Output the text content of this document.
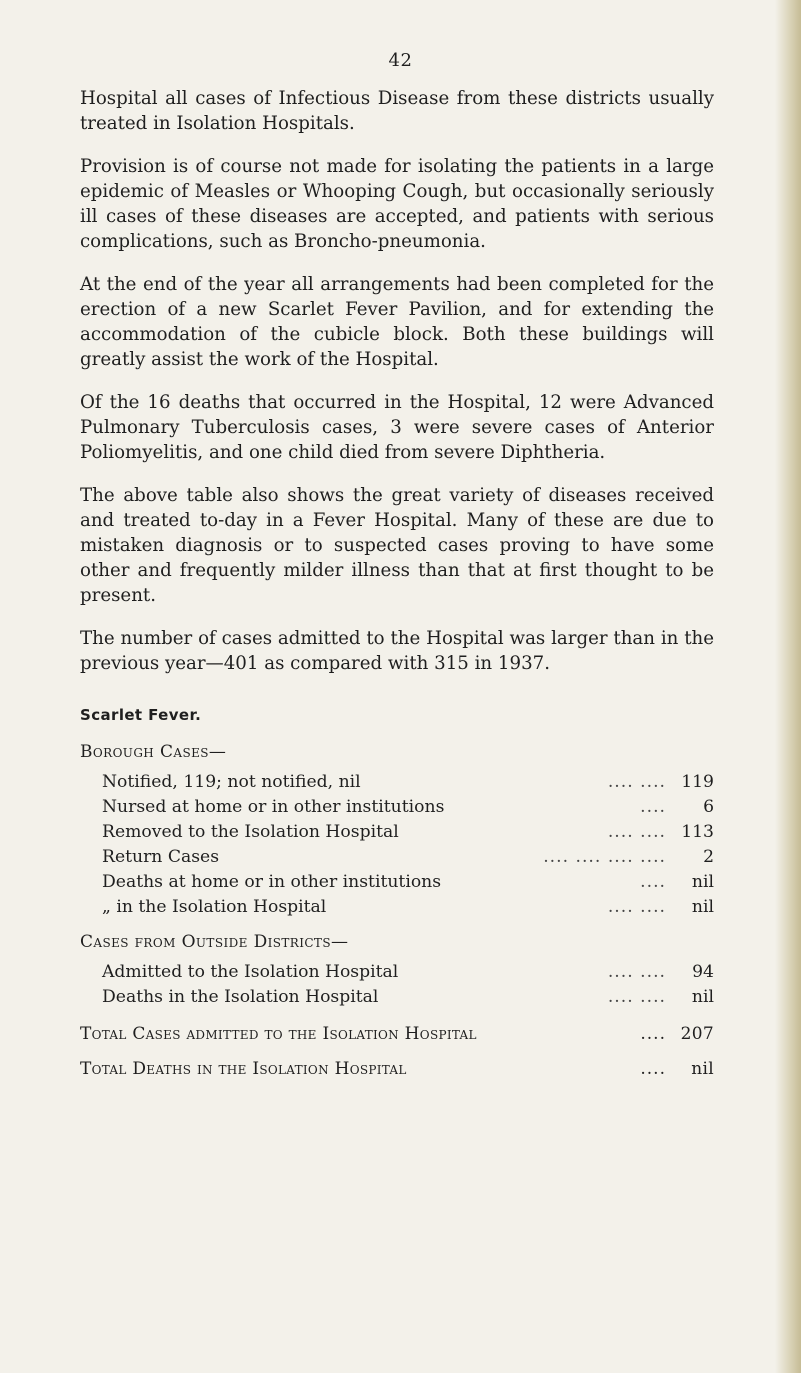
42

Hospital all cases of Infectious Disease from these districts usually treated in Isolation Hospitals.

Provision is of course not made for isolating the patients in a large epidemic of Measles or Whooping Cough, but occasionally seriously ill cases of these diseases are accepted, and patients with serious complications, such as Broncho-pneumonia.

At the end of the year all arrangements had been completed for the erection of a new Scarlet Fever Pavilion, and for extending the accommodation of the cubicle block. Both these buildings will greatly assist the work of the Hospital.

Of the 16 deaths that occurred in the Hospital, 12 were Advanced Pulmonary Tuberculosis cases, 3 were severe cases of Anterior Poliomyelitis, and one child died from severe Diphtheria.

The above table also shows the great variety of diseases received and treated to-day in a Fever Hospital. Many of these are due to mistaken diagnosis or to suspected cases proving to have some other and frequently milder illness than that at first thought to be present.

The number of cases admitted to the Hospital was larger than in the previous year—401 as compared with 315 in 1937.

Scarlet Fever.
Borough Cases—
Notified, 119; not notified, nil	.... .... 119
Nursed at home or in other institutions	....	6
Removed to the Isolation Hospital	.... .... 113
Return Cases	.... .... .... ....	2
Deaths at home or in other institutions	....	nil
„ in the Isolation Hospital	.... ....	nil
Cases from Outside Districts—
Admitted to the Isolation Hospital	.... ....	94
Deaths in the Isolation Hospital	.... ....	nil
Total Cases admitted to the Isolation Hospital	.... 207
Total Deaths in the Isolation Hospital	....	nil
